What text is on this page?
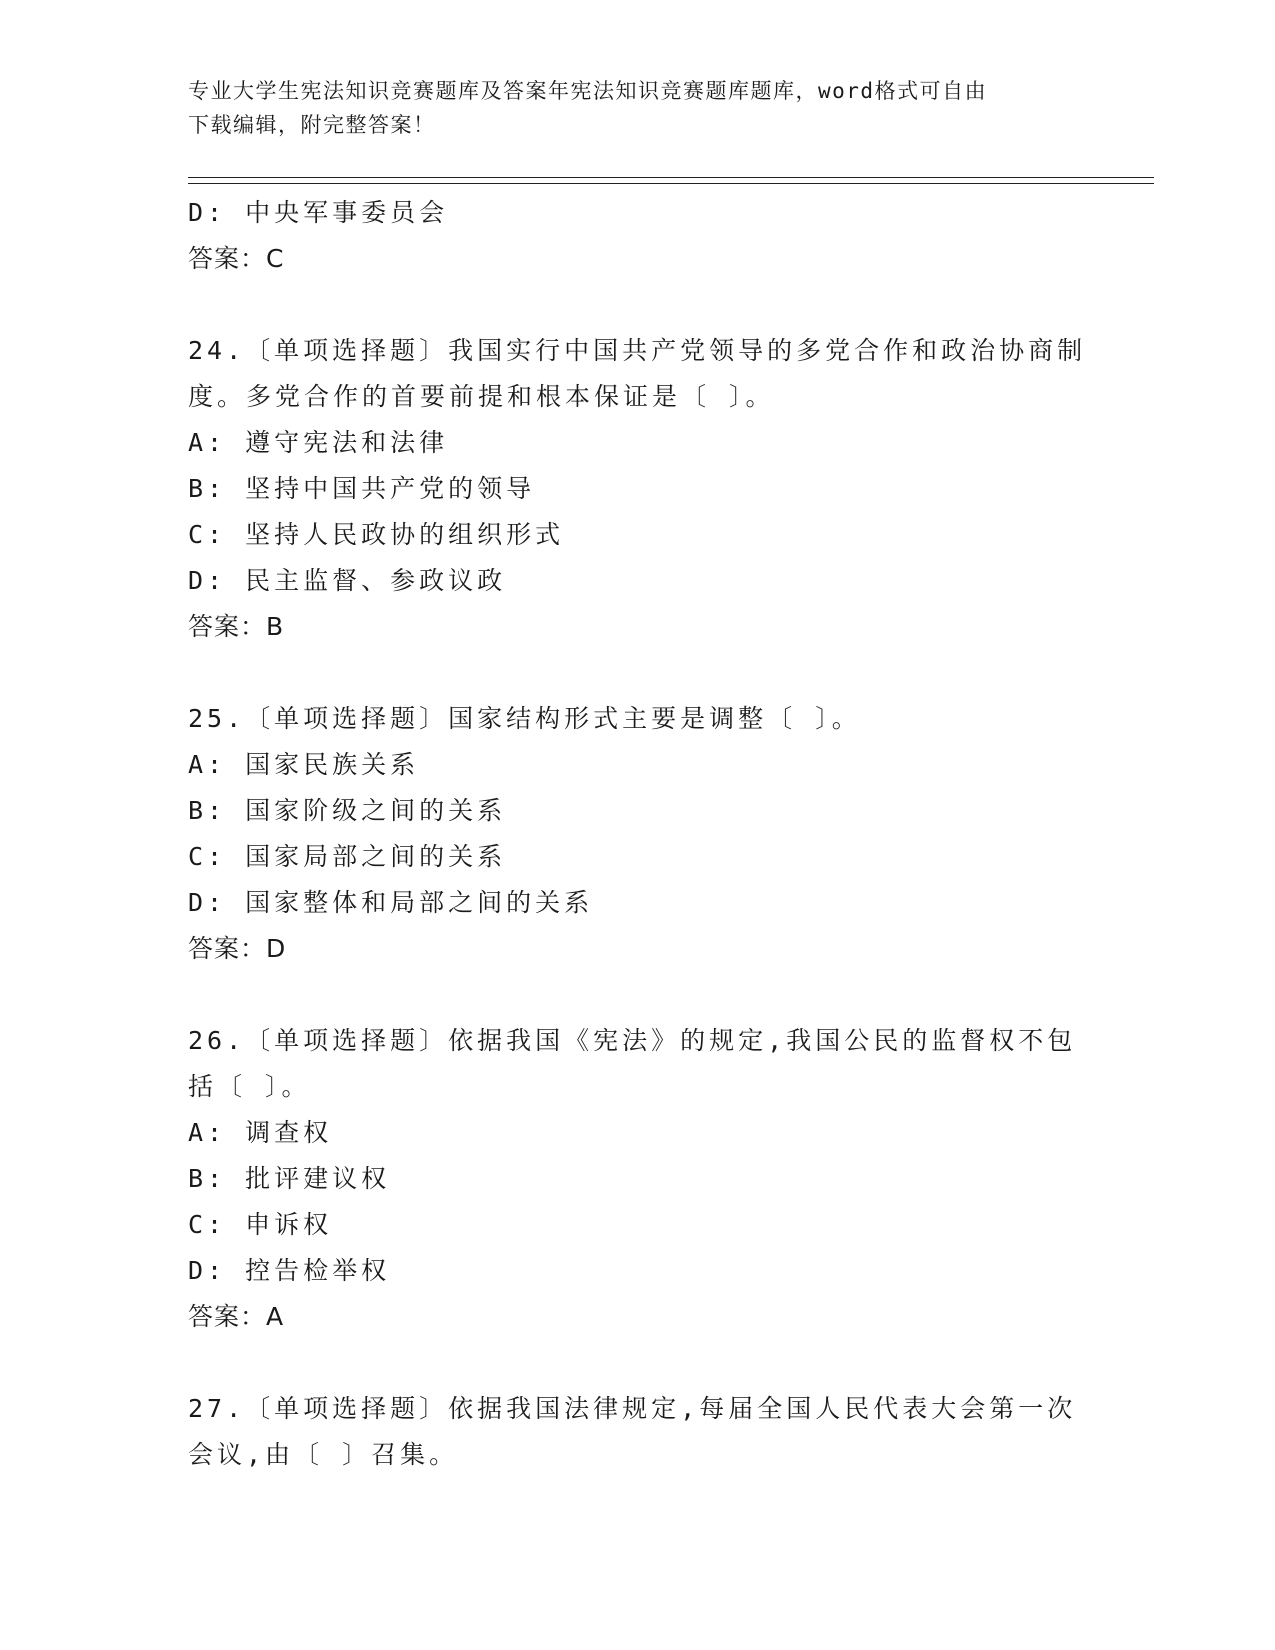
专业大学生宪法知识竞赛题库及答案年宪法知识竞赛题库题库，word格式可自由
下载编辑，附完整答案！
D: 中央军事委员会
答案：C
24.〔单项选择题〕我国实行中国共产党领导的多党合作和政治协商制
度。多党合作的首要前提和根本保证是〔 〕。
A: 遵守宪法和法律
B: 坚持中国共产党的领导
C: 坚持人民政协的组织形式
D: 民主监督、参政议政
答案：B
25.〔单项选择题〕国家结构形式主要是调整〔 〕。
A: 国家民族关系
B: 国家阶级之间的关系
C: 国家局部之间的关系
D: 国家整体和局部之间的关系
答案：D
26.〔单项选择题〕依据我国《宪法》的规定,我国公民的监督权不包
括〔 〕。
A: 调查权
B: 批评建议权
C: 申诉权
D: 控告检举权
答案：A
27.〔单项选择题〕依据我国法律规定,每届全国人民代表大会第一次
会议,由〔 〕召集。
